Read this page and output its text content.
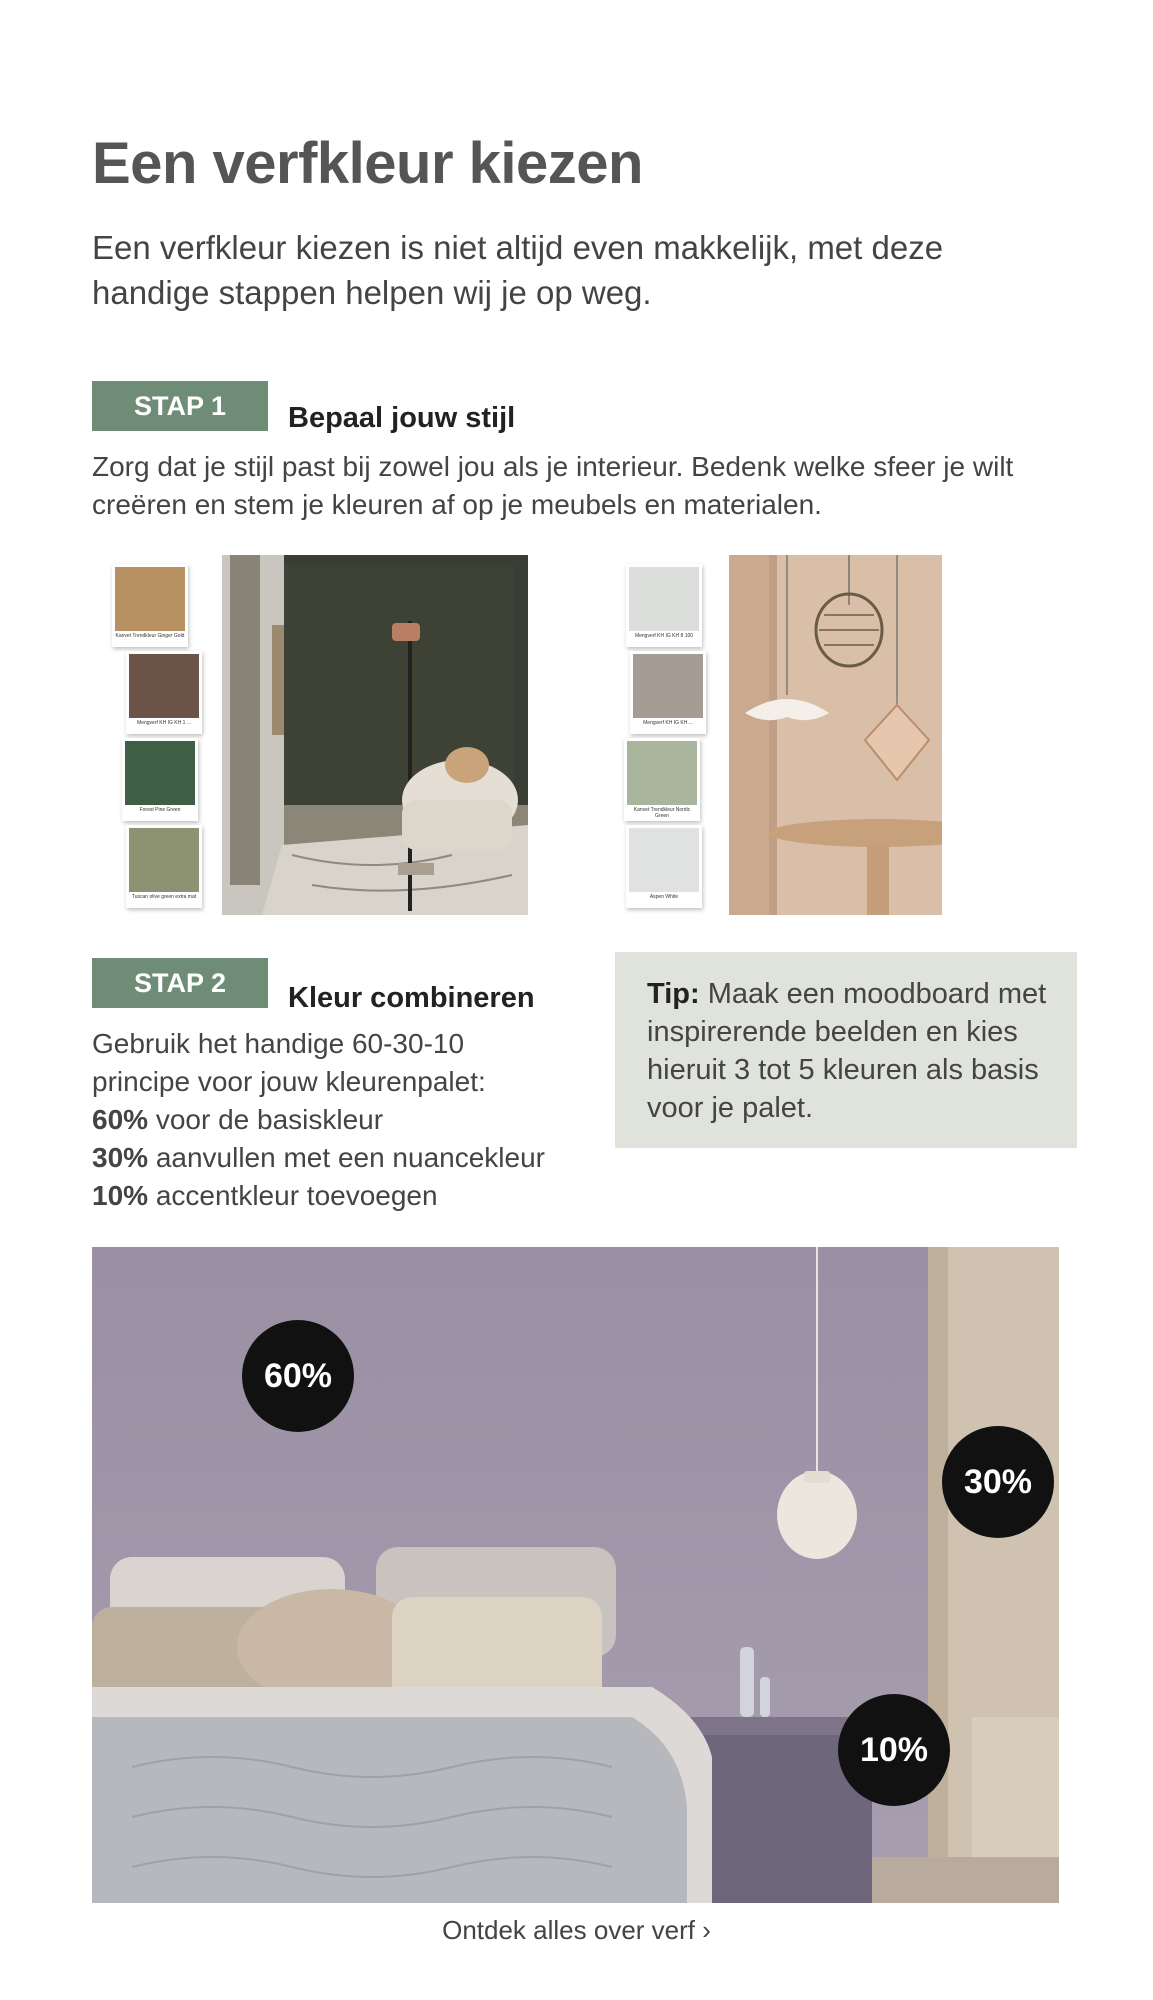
Een verfkleur kiezen

Een verfkleur kiezen is niet altijd even makkelijk, met deze handige stappen helpen wij je op weg.

STAP 1	Bepaal jouw stijl

Zorg dat je stijl past bij zowel jou als je interieur. Bedenk welke sfeer je wilt creëren en stem je kleuren af op je meubels en materialen.

Kanvet Trendkleur Ginger Gold
Mengverf KH IG KH 1 ...
Forest Pine Green
Tuscan olive green extra mat
Mengverf KH IG KH 8 100
Mengverf KH IG KH ...
Kanvet Trendkleur Nordic Green
Aspen White
STAP 2	Kleur combineren

Gebruik het handige 60-30-10 principe voor jouw kleurenpalet:

60% voor de basiskleur
30% aanvullen met een nuancekleur
10% accentkleur toevoegen

Tip: Maak een moodboard met inspirerende beelden en kies hieruit 3 tot 5 kleuren als basis voor je palet.

60%
30%
10%
Ontdek alles over verf ›
